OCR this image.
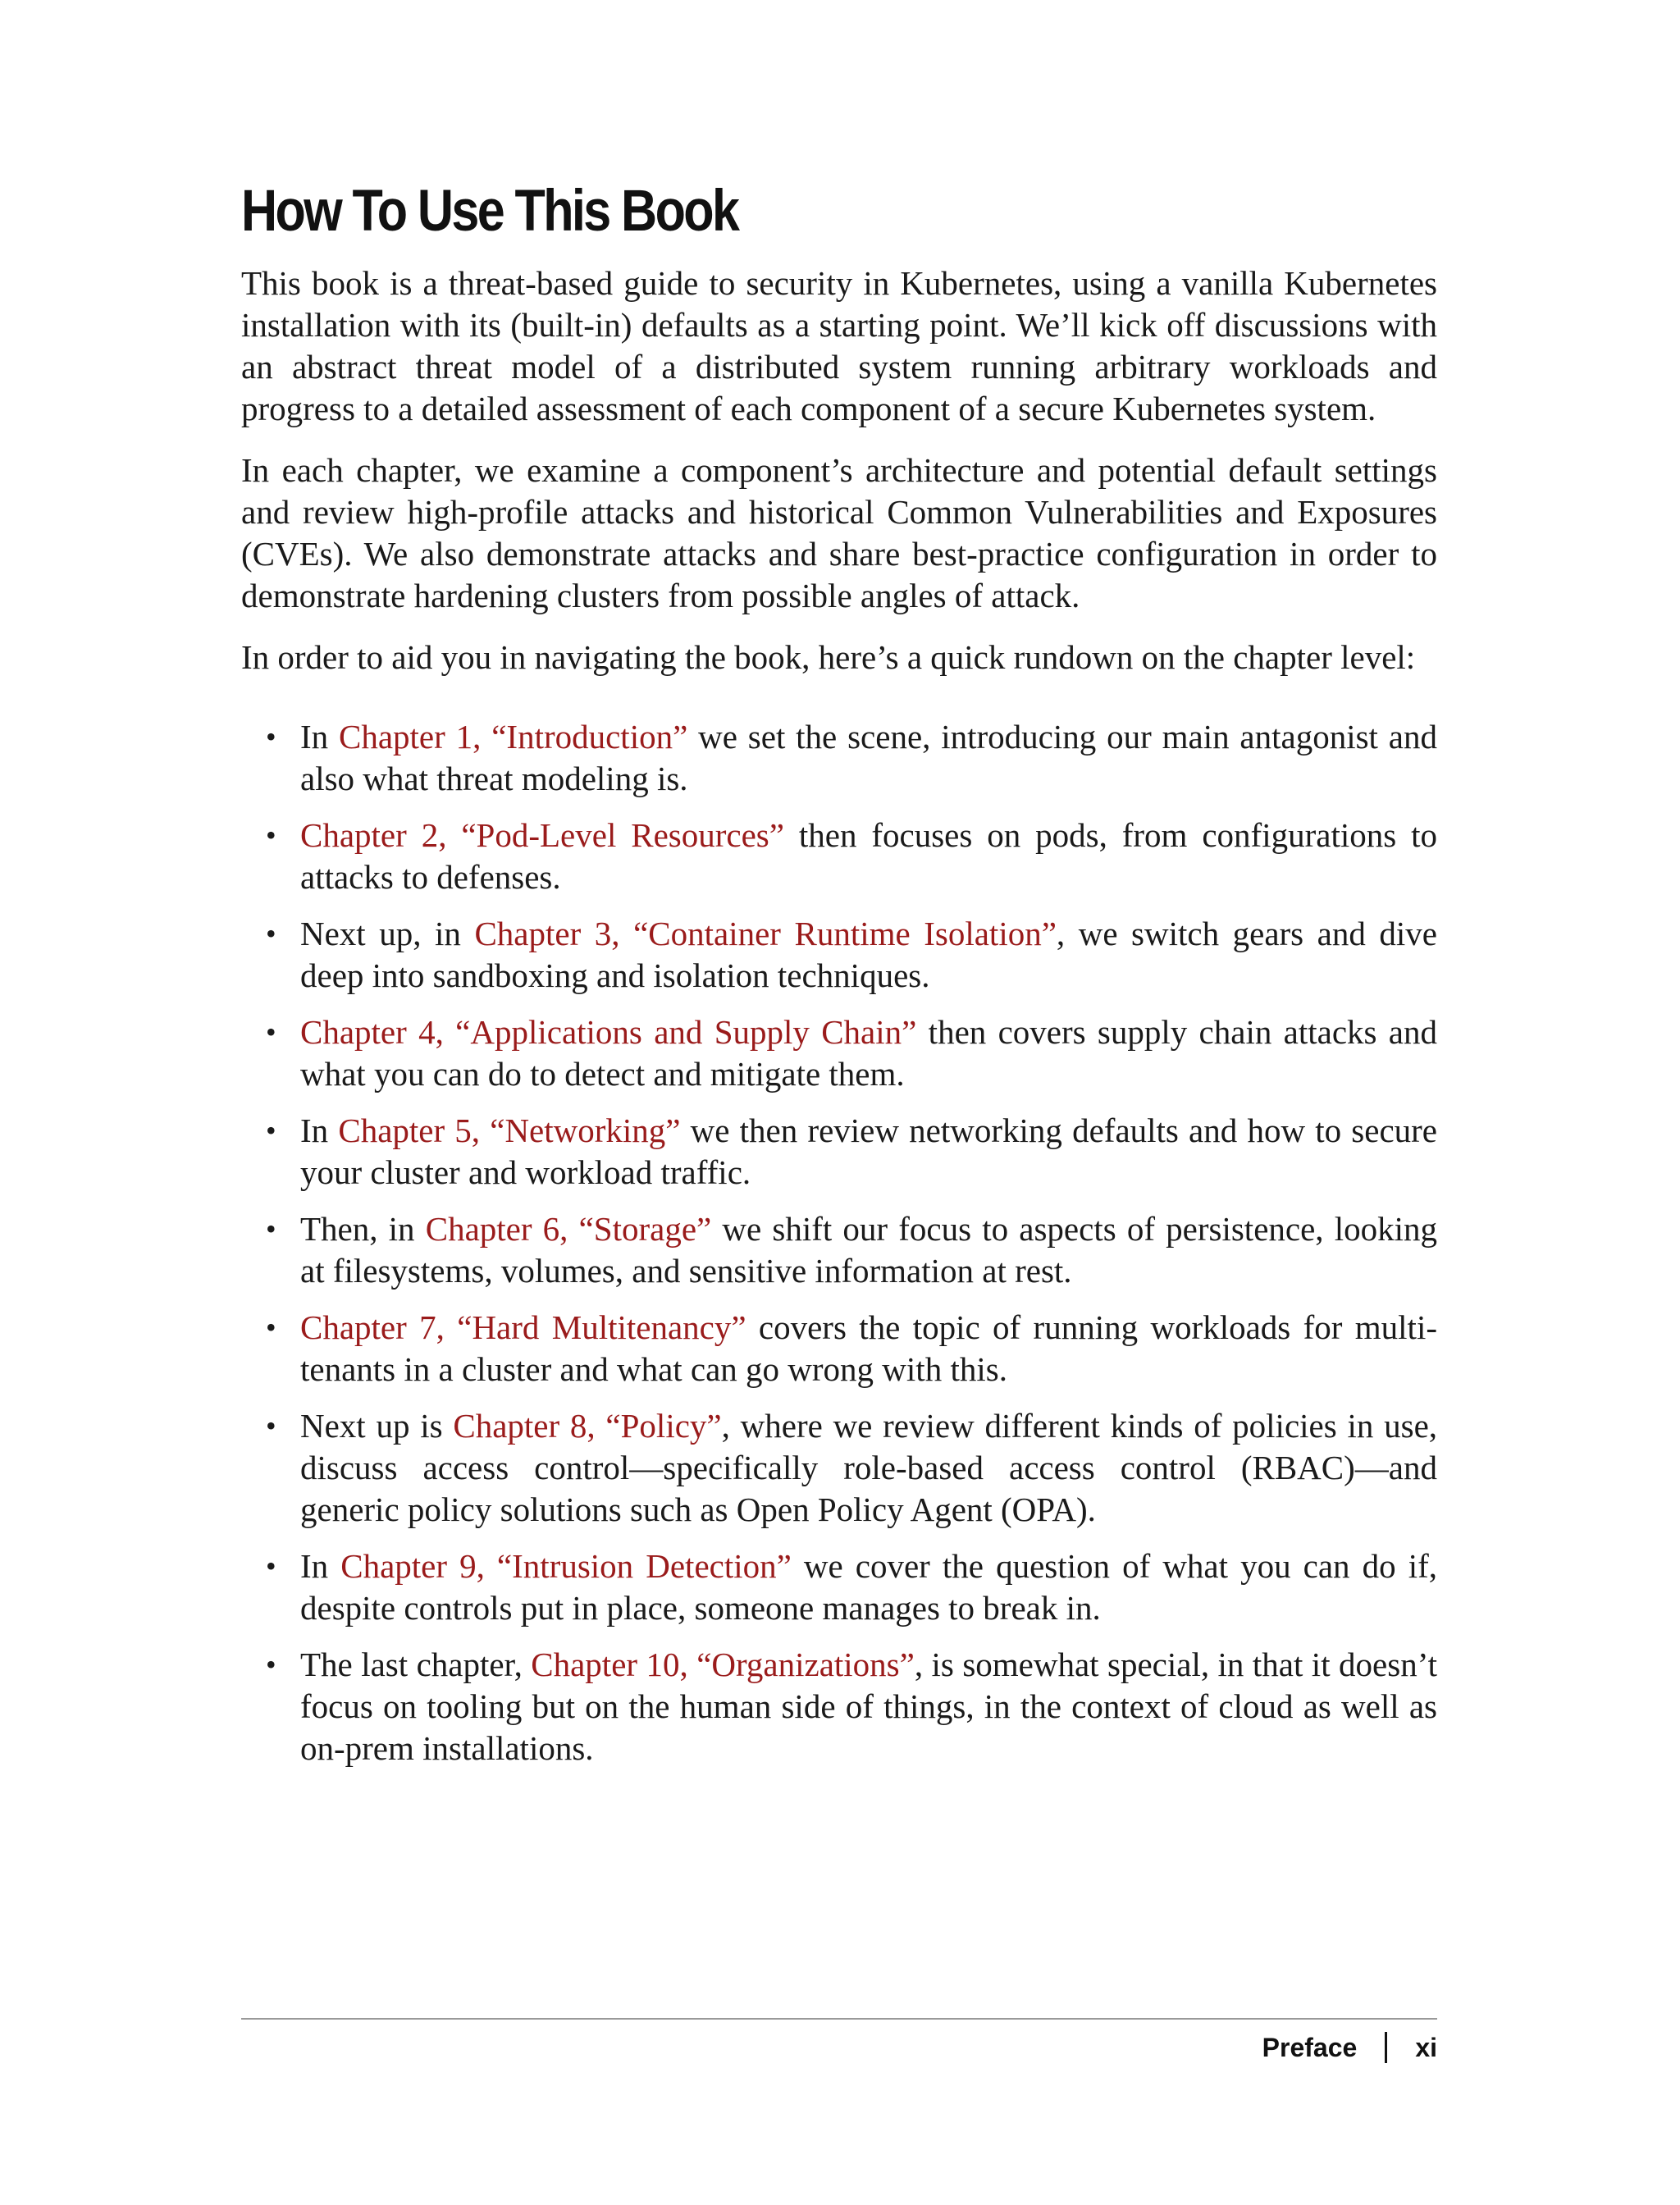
How To Use This Book

This book is a threat-based guide to security in Kubernetes, using a vanilla Kubernetes installation with its (built-in) defaults as a starting point. We’ll kick off discussions with an abstract threat model of a distributed system running arbitrary workloads and progress to a detailed assessment of each component of a secure Kubernetes system.

In each chapter, we examine a component’s architecture and potential default settings and review high-profile attacks and historical Common Vulnerabilities and Exposures (CVEs). We also demonstrate attacks and share best-practice configuration in order to demonstrate hardening clusters from possible angles of attack.

In order to aid you in navigating the book, here’s a quick rundown on the chapter level:

• In Chapter 1, “Introduction” we set the scene, introducing our main antagonist and also what threat modeling is.
• Chapter 2, “Pod-Level Resources” then focuses on pods, from configurations to attacks to defenses.
• Next up, in Chapter 3, “Container Runtime Isolation”, we switch gears and dive deep into sandboxing and isolation techniques.
• Chapter 4, “Applications and Supply Chain” then covers supply chain attacks and what you can do to detect and mitigate them.
• In Chapter 5, “Networking” we then review networking defaults and how to secure your cluster and workload traffic.
• Then, in Chapter 6, “Storage” we shift our focus to aspects of persistence, looking at filesystems, volumes, and sensitive information at rest.
• Chapter 7, “Hard Multitenancy” covers the topic of running workloads for multi-tenants in a cluster and what can go wrong with this.
• Next up is Chapter 8, “Policy”, where we review different kinds of policies in use, discuss access control—specifically role-based access control (RBAC)—and generic policy solutions such as Open Policy Agent (OPA).
• In Chapter 9, “Intrusion Detection” we cover the question of what you can do if, despite controls put in place, someone manages to break in.
• The last chapter, Chapter 10, “Organizations”, is somewhat special, in that it doesn’t focus on tooling but on the human side of things, in the context of cloud as well as on-prem installations.
Preface xi
